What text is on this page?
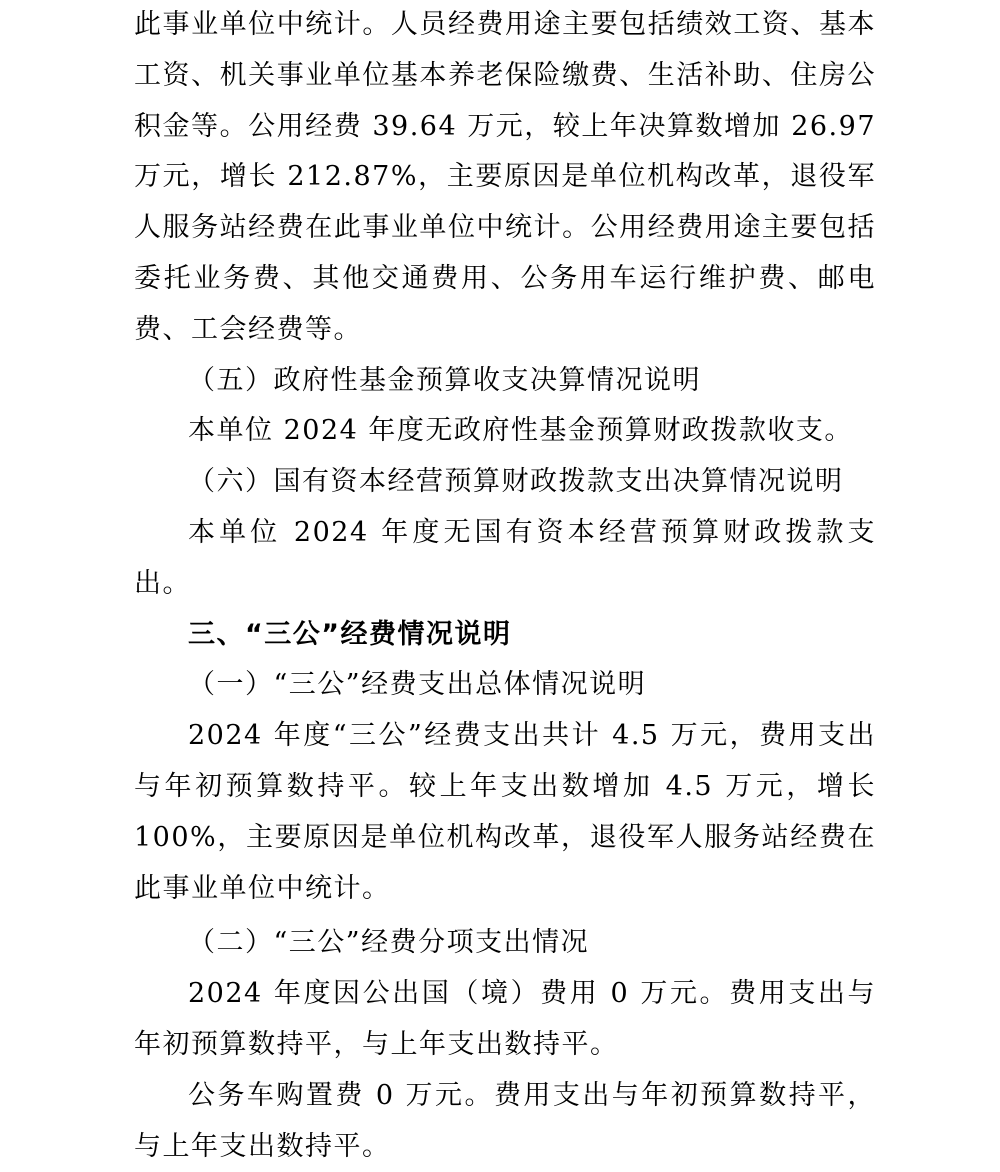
此事业单位中统计。人员经费用途主要包括绩效工资、基本工资、机关事业单位基本养老保险缴费、生活补助、住房公积金等。公用经费 39.64 万元，较上年决算数增加 26.97 万元，增长 212.87%，主要原因是单位机构改革，退役军人服务站经费在此事业单位中统计。公用经费用途主要包括委托业务费、其他交通费用、公务用车运行维护费、邮电费、工会经费等。

（五）政府性基金预算收支决算情况说明

本单位 2024 年度无政府性基金预算财政拨款收支。

（六）国有资本经营预算财政拨款支出决算情况说明

本单位 2024 年度无国有资本经营预算财政拨款支出。

三、“三公”经费情况说明

（一）“三公”经费支出总体情况说明

2024 年度“三公”经费支出共计 4.5 万元，费用支出与年初预算数持平。较上年支出数增加 4.5 万元，增长 100%，主要原因是单位机构改革，退役军人服务站经费在此事业单位中统计。

（二）“三公”经费分项支出情况

2024 年度因公出国（境）费用 0 万元。费用支出与年初预算数持平，与上年支出数持平。

公务车购置费 0 万元。费用支出与年初预算数持平，与上年支出数持平。
